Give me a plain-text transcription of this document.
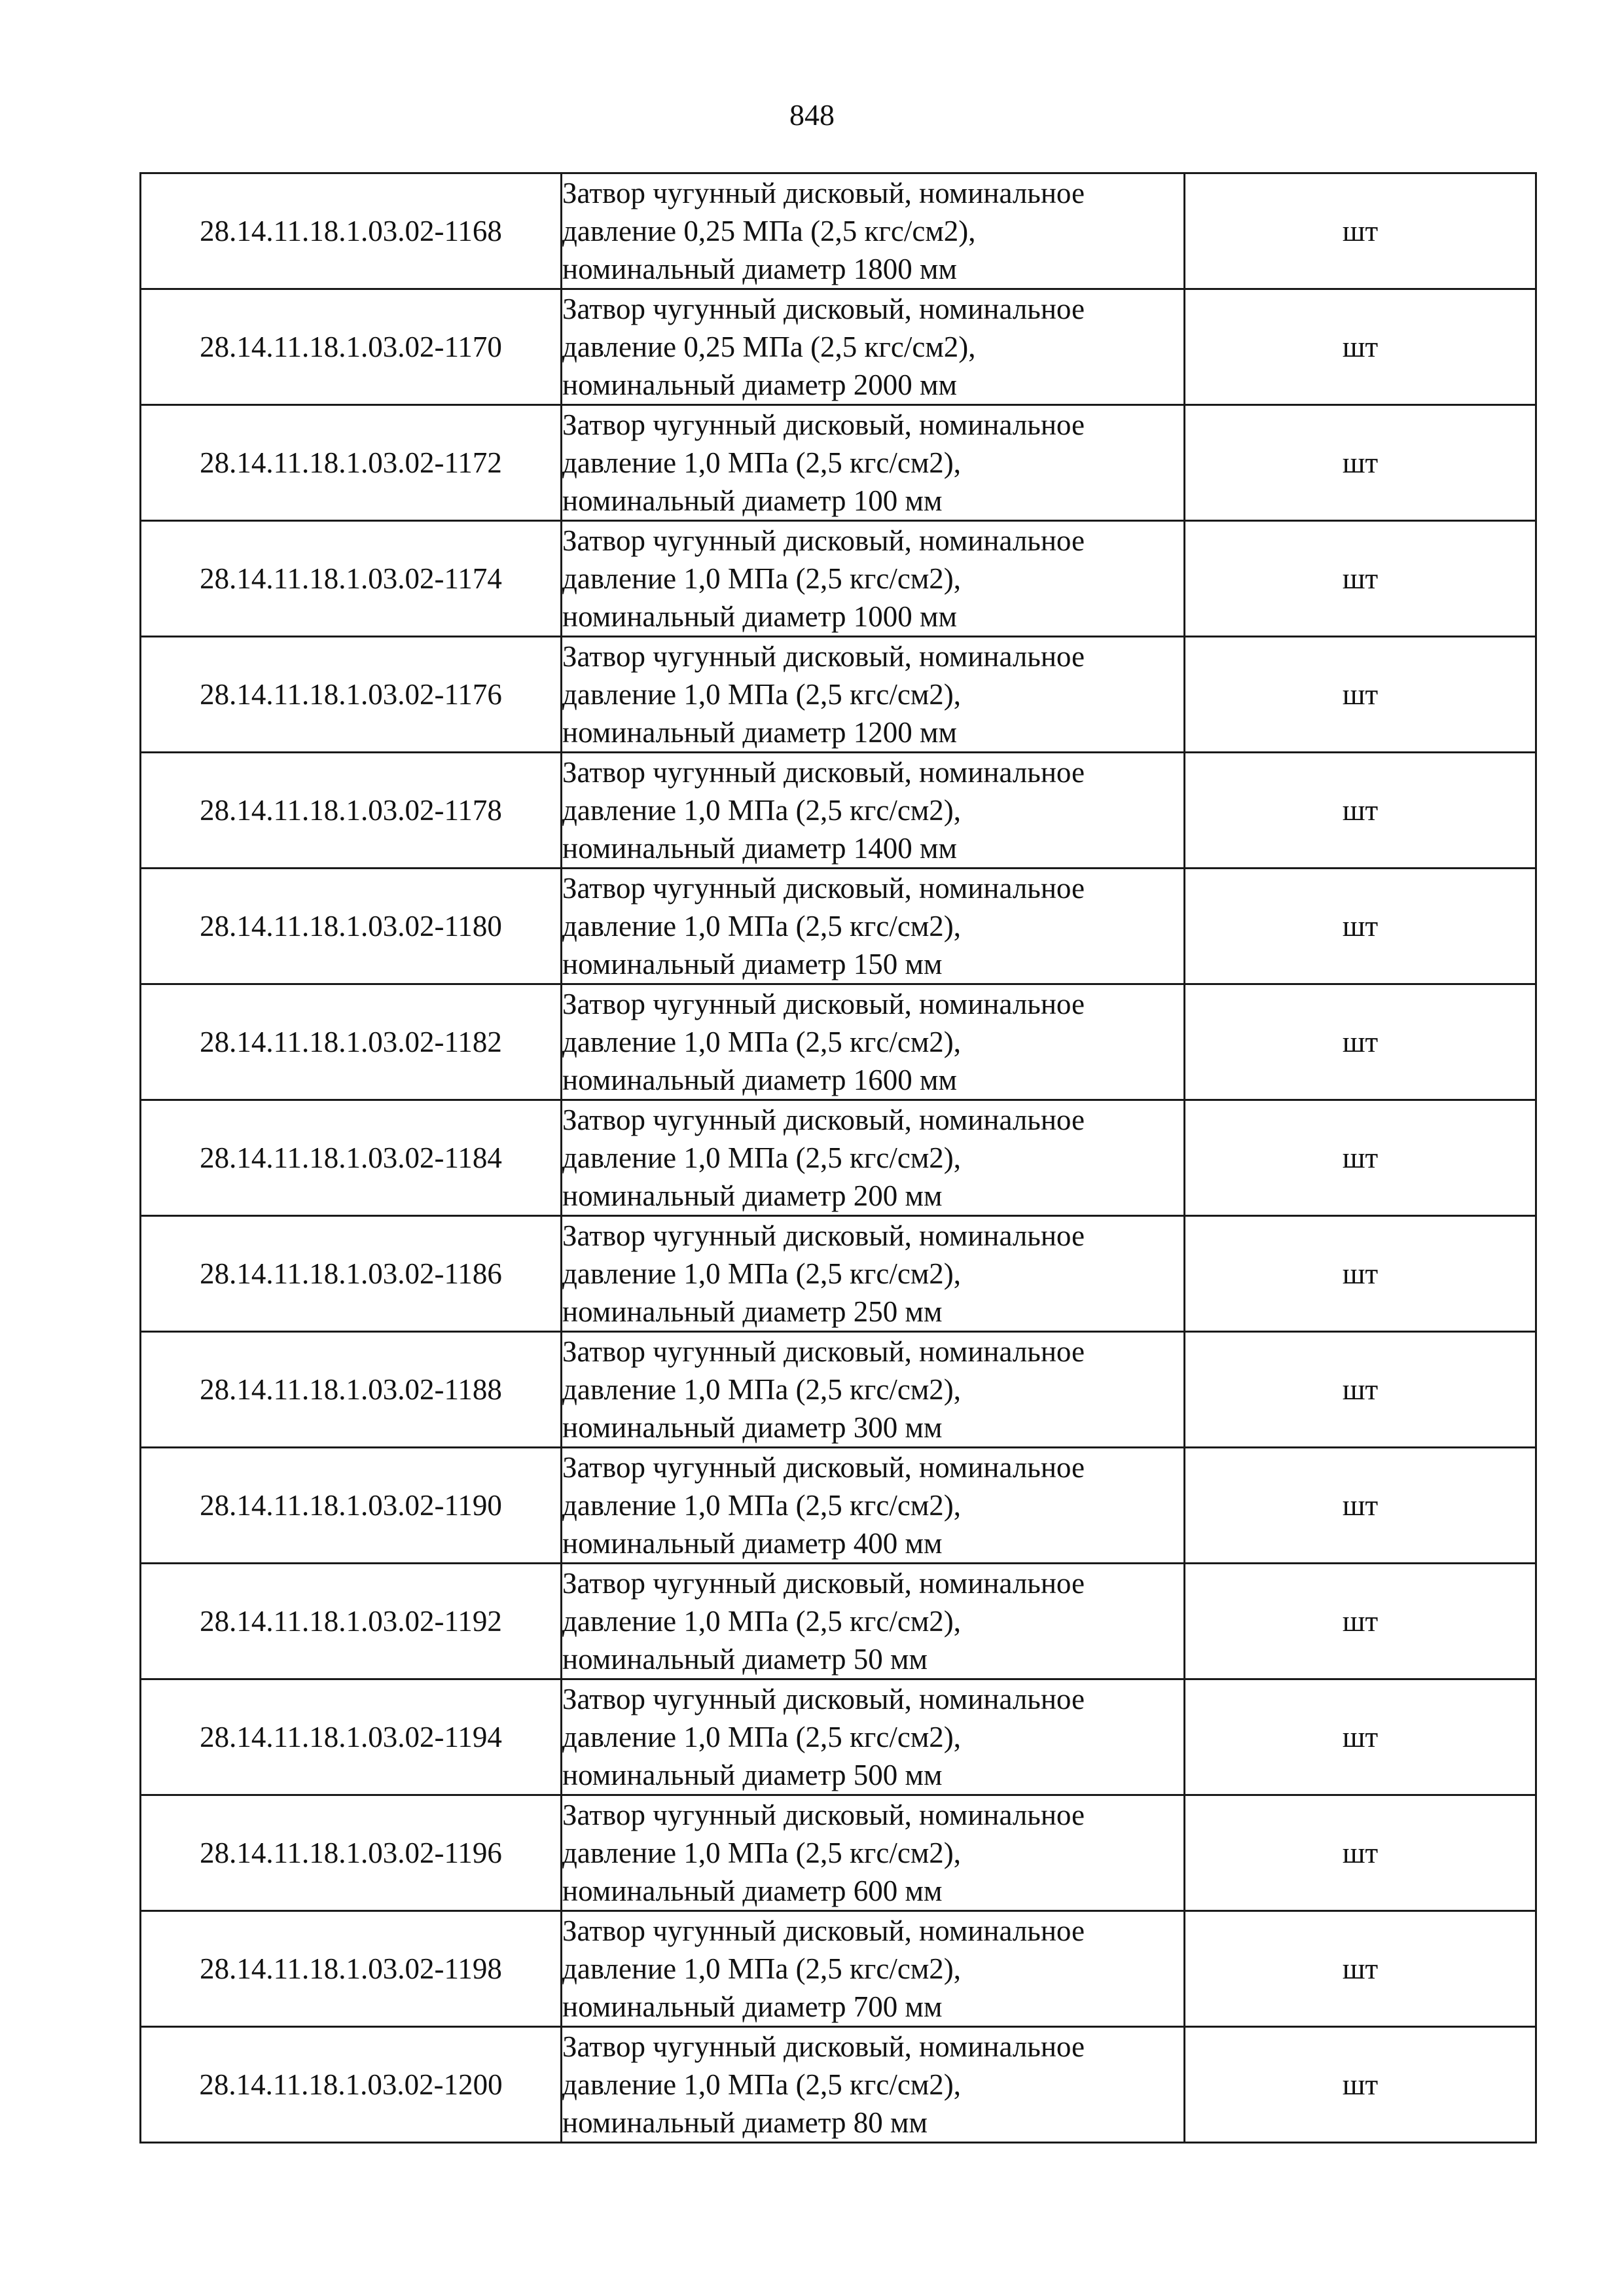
848
28.14.11.18.1.03.02-1168	Затвор чугунный дисковый, номинальное
давление 0,25 МПа (2,5 кгс/см2),
номинальный диаметр 1800 мм	шт
28.14.11.18.1.03.02-1170	Затвор чугунный дисковый, номинальное
давление 0,25 МПа (2,5 кгс/см2),
номинальный диаметр 2000 мм	шт
28.14.11.18.1.03.02-1172	Затвор чугунный дисковый, номинальное
давление 1,0 МПа (2,5 кгс/см2),
номинальный диаметр 100 мм	шт
28.14.11.18.1.03.02-1174	Затвор чугунный дисковый, номинальное
давление 1,0 МПа (2,5 кгс/см2),
номинальный диаметр 1000 мм	шт
28.14.11.18.1.03.02-1176	Затвор чугунный дисковый, номинальное
давление 1,0 МПа (2,5 кгс/см2),
номинальный диаметр 1200 мм	шт
28.14.11.18.1.03.02-1178	Затвор чугунный дисковый, номинальное
давление 1,0 МПа (2,5 кгс/см2),
номинальный диаметр 1400 мм	шт
28.14.11.18.1.03.02-1180	Затвор чугунный дисковый, номинальное
давление 1,0 МПа (2,5 кгс/см2),
номинальный диаметр 150 мм	шт
28.14.11.18.1.03.02-1182	Затвор чугунный дисковый, номинальное
давление 1,0 МПа (2,5 кгс/см2),
номинальный диаметр 1600 мм	шт
28.14.11.18.1.03.02-1184	Затвор чугунный дисковый, номинальное
давление 1,0 МПа (2,5 кгс/см2),
номинальный диаметр 200 мм	шт
28.14.11.18.1.03.02-1186	Затвор чугунный дисковый, номинальное
давление 1,0 МПа (2,5 кгс/см2),
номинальный диаметр 250 мм	шт
28.14.11.18.1.03.02-1188	Затвор чугунный дисковый, номинальное
давление 1,0 МПа (2,5 кгс/см2),
номинальный диаметр 300 мм	шт
28.14.11.18.1.03.02-1190	Затвор чугунный дисковый, номинальное
давление 1,0 МПа (2,5 кгс/см2),
номинальный диаметр 400 мм	шт
28.14.11.18.1.03.02-1192	Затвор чугунный дисковый, номинальное
давление 1,0 МПа (2,5 кгс/см2),
номинальный диаметр 50 мм	шт
28.14.11.18.1.03.02-1194	Затвор чугунный дисковый, номинальное
давление 1,0 МПа (2,5 кгс/см2),
номинальный диаметр 500 мм	шт
28.14.11.18.1.03.02-1196	Затвор чугунный дисковый, номинальное
давление 1,0 МПа (2,5 кгс/см2),
номинальный диаметр 600 мм	шт
28.14.11.18.1.03.02-1198	Затвор чугунный дисковый, номинальное
давление 1,0 МПа (2,5 кгс/см2),
номинальный диаметр 700 мм	шт
28.14.11.18.1.03.02-1200	Затвор чугунный дисковый, номинальное
давление 1,0 МПа (2,5 кгс/см2),
номинальный диаметр 80 мм	шт
